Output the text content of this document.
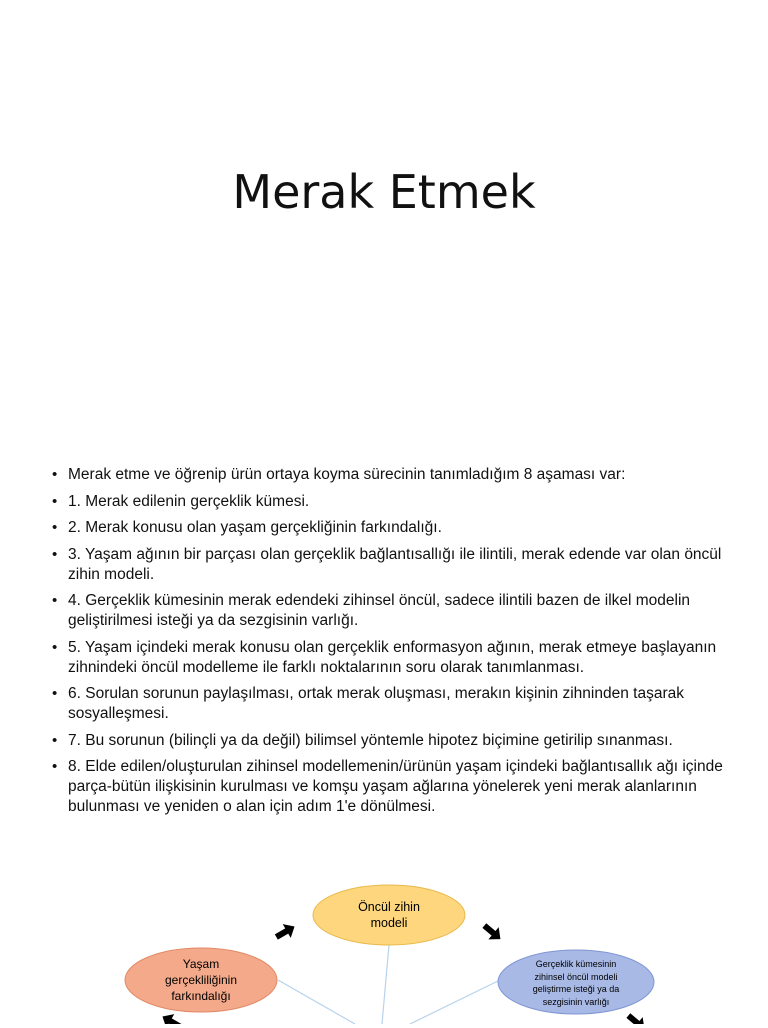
Merak Etmek
• Merak etme ve öğrenip ürün ortaya koyma sürecinin tanımladığım 8 aşaması var:
• 1. Merak edilenin gerçeklik kümesi.
• 2. Merak konusu olan yaşam gerçekliğinin farkındalığı.
• 3. Yaşam ağının bir parçası olan gerçeklik bağlantısallığı ile ilintili, merak edende var olan öncül zihin modeli.
• 4. Gerçeklik kümesinin merak edendeki zihinsel öncül, sadece ilintili bazen de ilkel modelin geliştirilmesi isteği ya da sezgisinin varlığı.
• 5. Yaşam içindeki merak konusu olan gerçeklik enformasyon ağının, merak etmeye başlayanın zihnindeki öncül modelleme ile farklı noktalarının soru olarak tanımlanması.
• 6. Sorulan sorunun paylaşılması, ortak merak oluşması, merakın kişinin zihninden taşarak sosyalleşmesi.
• 7. Bu sorunun (bilinçli ya da değil) bilimsel yöntemle hipotez biçimine getirilip sınanması.
• 8. Elde edilen/oluşturulan zihinsel modellemenin/ürünün yaşam içindeki bağlantısallık ağı içinde parça-bütün ilişkisinin kurulması ve komşu yaşam ağlarına yönelerek yeni merak alanlarının bulunması ve yeniden o alan için adım 1'e dönülmesi.
Öncül zihin modeli
Yaşam gerçekliliğinin farkındalığı
Gerçeklik kümesinin zihinsel öncül modeli geliştirme isteği ya da sezgisinin varlığı
